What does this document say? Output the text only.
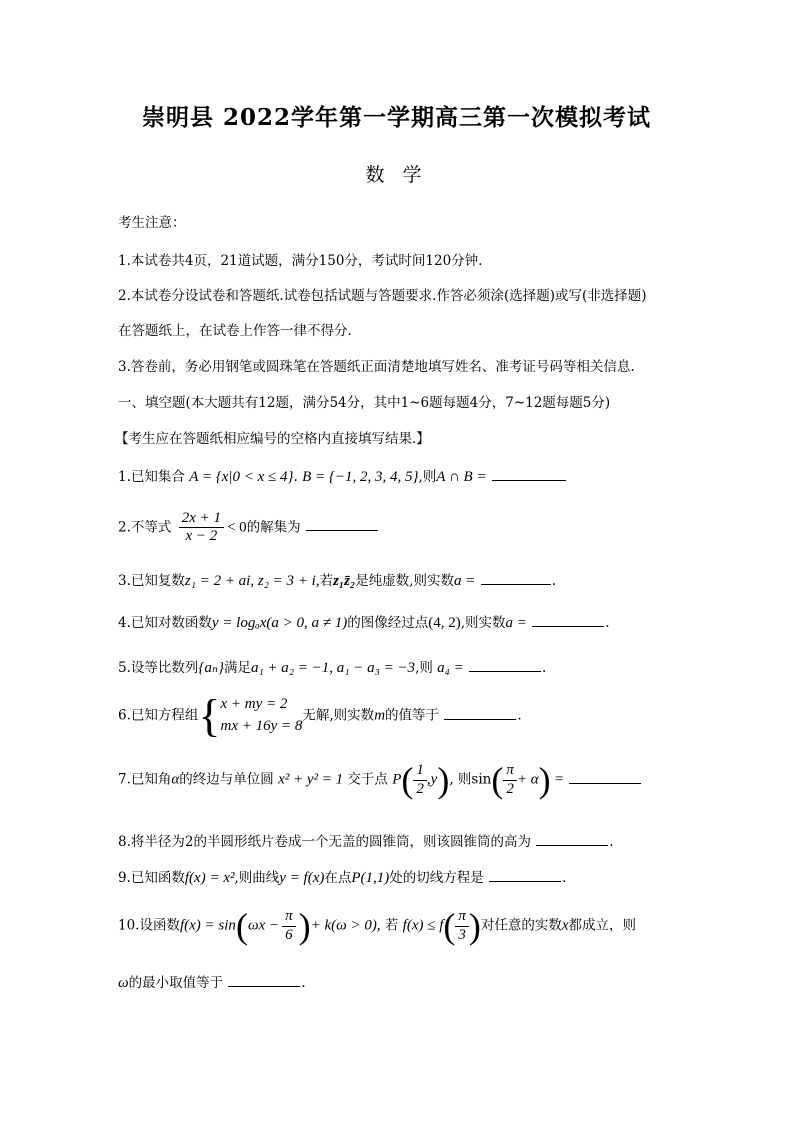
崇明县 2022学年第一学期高三第一次模拟考试
数 学
考生注意：
1.本试卷共4页，21道试题，满分150分，考试时间120分钟.
2.本试卷分设试卷和答题纸.试卷包括试题与答题要求.作答必须涂(选择题)或写(非选择题)
在答题纸上，在试卷上作答一律不得分.
3.答卷前，务必用钢笔或圆珠笔在答题纸正面清楚地填写姓名、准考证号码等相关信息.
一、填空题(本大题共有12题，满分54分，其中1~6题每题4分，7~12题每题5分)
【考生应在答题纸相应编号的空格内直接填写结果.】
1.已知集合 A = {x|0 < x ≤ 4}. B = {−1, 2, 3, 4, 5},则A ∩ B =
2.不等式 $\frac{2x + 1}{x - 2} < 0$的解集为
3.已知复数z₁ = 2 + ai, z₂ = 3 + i,若z₁z̄₂是纯虚数,则实数a =	.
4.已知对数函数y = logₐx(a > 0, a ≠ 1)的图像经过点(4, 2),则实数a =	.
5.设等比数列{aₙ}满足a₁ + a₂ = −1, a₁ − a₃ = −3,则 a₄ =	.
6.已知方程组 { x + my = 2
mx + 16y = 8
无解,则实数m的值等于	.
7.已知角α的终边与单位圆 x² + y² = 1 交于点 $P( \frac{1}{2} ,y)$, 则$\sin( \frac{\pi}{2} + \alpha)$ =
8.将半径为2的半圆形纸片卷成一个无盖的圆锥筒，则该圆锥筒的高为	.
9.已知函数f(x) = x²,则曲线y = f(x)在点P(1,1)处的切线方程是	.
10.设函数$f(x) = \sin(\omega x - \frac{\pi}{6}$ )+ k(ω > 0), 若 $f(x) \le f( \frac{\pi}{3}$ )对任意的实数x都成立，则
ω的最小取值等于	.
